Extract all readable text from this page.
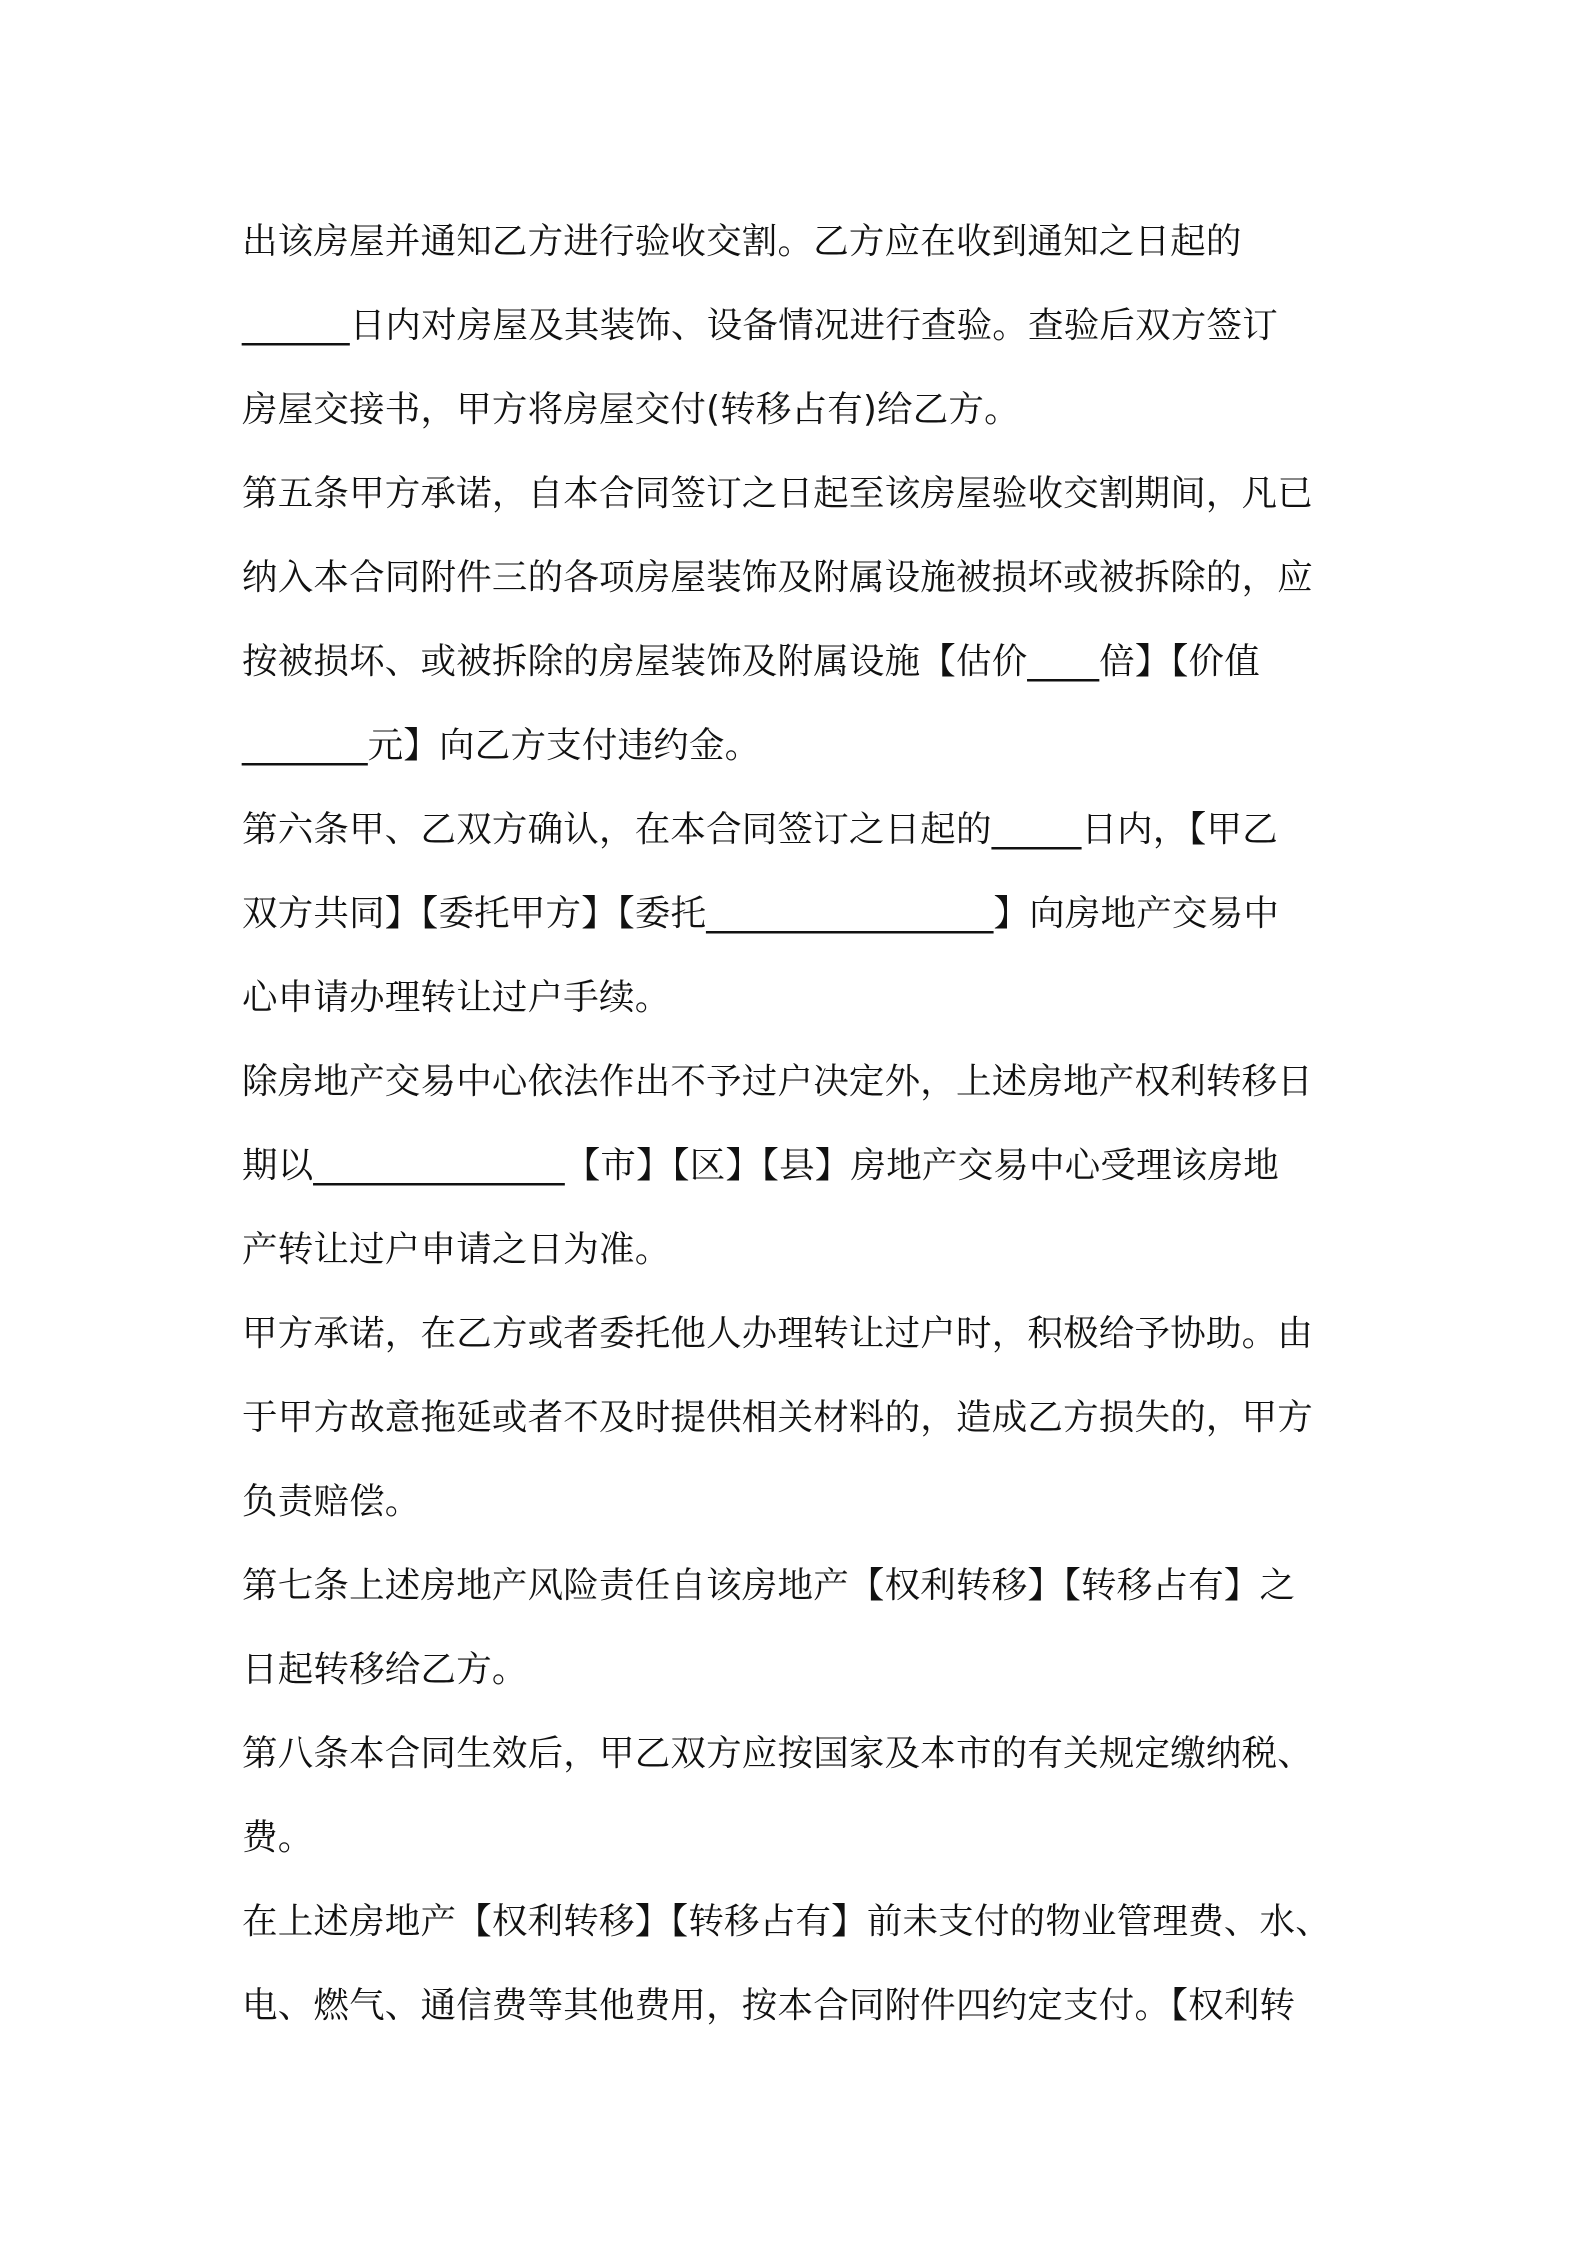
出该房屋并通知乙方进行验收交割。乙方应在收到通知之日起的
______日内对房屋及其装饰、设备情况进行查验。查验后双方签订
房屋交接书，甲方将房屋交付(转移占有)给乙方。
第五条甲方承诺，自本合同签订之日起至该房屋验收交割期间，凡已
纳入本合同附件三的各项房屋装饰及附属设施被损坏或被拆除的，应
按被损坏、或被拆除的房屋装饰及附属设施【估价____倍】【价值
_______元】向乙方支付违约金。
第六条甲、乙双方确认，在本合同签订之日起的_____日内，【甲乙
双方共同】【委托甲方】【委托________________】向房地产交易中
心申请办理转让过户手续。
除房地产交易中心依法作出不予过户决定外，上述房地产权利转移日
期以______________【市】【区】【县】房地产交易中心受理该房地
产转让过户申请之日为准。
甲方承诺，在乙方或者委托他人办理转让过户时，积极给予协助。由
于甲方故意拖延或者不及时提供相关材料的，造成乙方损失的，甲方
负责赔偿。
第七条上述房地产风险责任自该房地产【权利转移】【转移占有】之
日起转移给乙方。
第八条本合同生效后，甲乙双方应按国家及本市的有关规定缴纳税、
费。
在上述房地产【权利转移】【转移占有】前未支付的物业管理费、水、
电、燃气、通信费等其他费用，按本合同附件四约定支付。【权利转
